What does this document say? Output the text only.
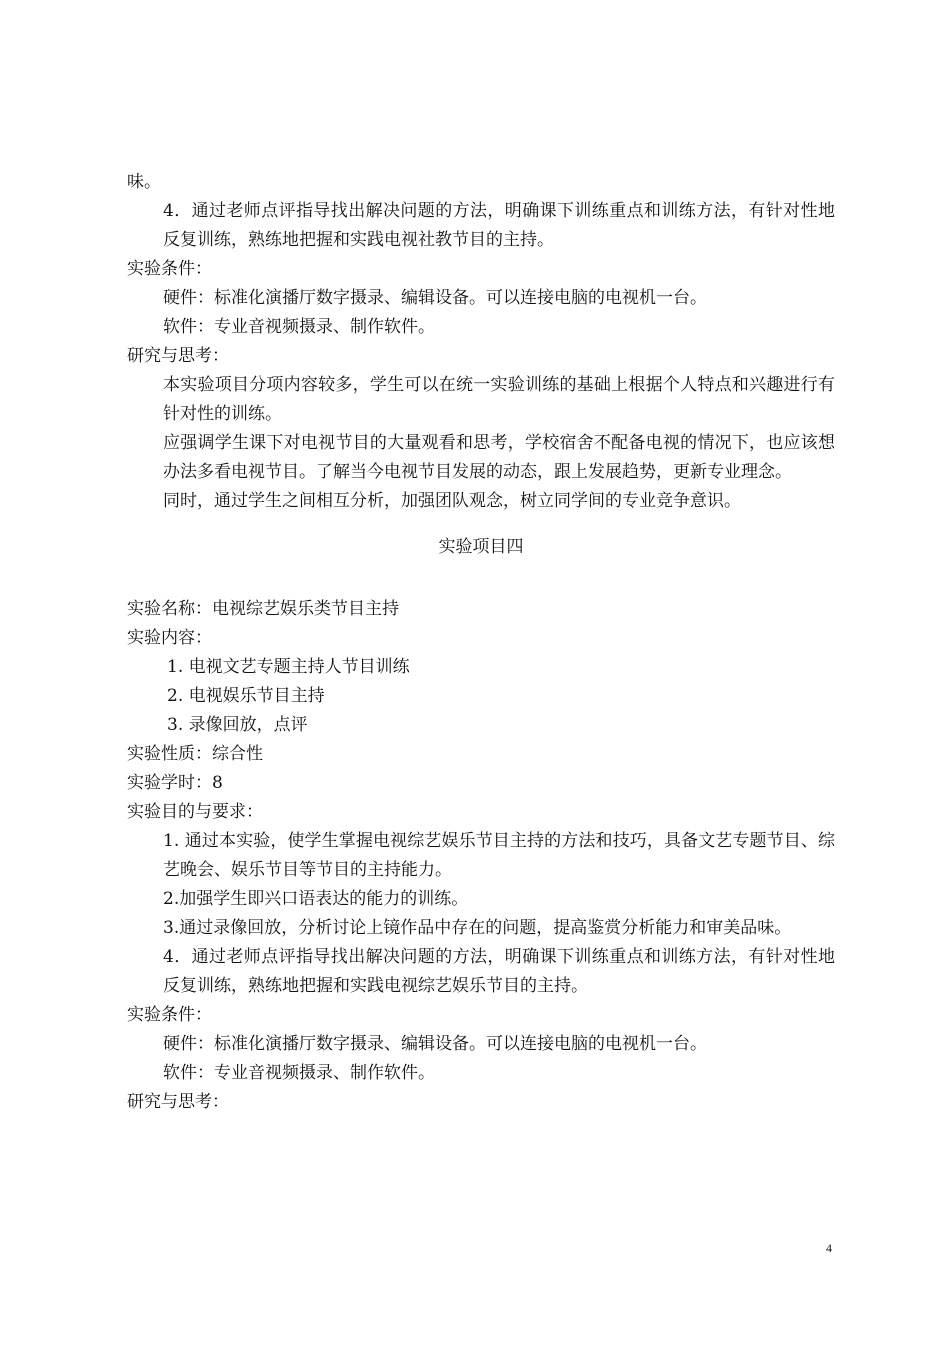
味。

4．通过老师点评指导找出解决问题的方法，明确课下训练重点和训练方法，有针对性地反复训练，熟练地把握和实践电视社教节目的主持。

实验条件：

硬件：标准化演播厅数字摄录、编辑设备。可以连接电脑的电视机一台。

软件：专业音视频摄录、制作软件。

研究与思考：

本实验项目分项内容较多，学生可以在统一实验训练的基础上根据个人特点和兴趣进行有针对性的训练。

应强调学生课下对电视节目的大量观看和思考，学校宿舍不配备电视的情况下，也应该想办法多看电视节目。了解当今电视节目发展的动态，跟上发展趋势，更新专业理念。

同时，通过学生之间相互分析，加强团队观念，树立同学间的专业竞争意识。

实验项目四

实验名称：电视综艺娱乐类节目主持

实验内容：

1. 电视文艺专题主持人节目训练

2. 电视娱乐节目主持

3. 录像回放，点评

实验性质：综合性

实验学时：8

实验目的与要求：

1. 通过本实验，使学生掌握电视综艺娱乐节目主持的方法和技巧，具备文艺专题节目、综艺晚会、娱乐节目等节目的主持能力。

2.加强学生即兴口语表达的能力的训练。

3.通过录像回放，分析讨论上镜作品中存在的问题，提高鉴赏分析能力和审美品味。

4．通过老师点评指导找出解决问题的方法，明确课下训练重点和训练方法，有针对性地反复训练，熟练地把握和实践电视综艺娱乐节目的主持。

实验条件：

硬件：标准化演播厅数字摄录、编辑设备。可以连接电脑的电视机一台。

软件：专业音视频摄录、制作软件。

研究与思考：

4
